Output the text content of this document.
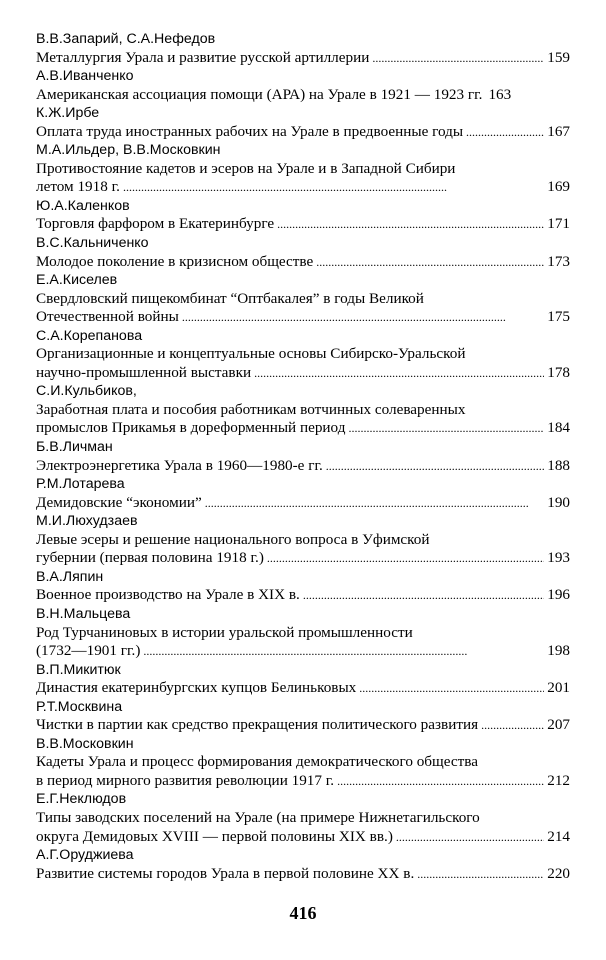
В.В.Запарий, С.А.Нефедов
Металлургия Урала и развитие русской артиллерии . . .	159
А.В.Иванченко
Американская ассоциация помощи (АРА) на Урале в 1921 — 1923 гг. 163
К.Ж.Ирбе
Оплата труда иностранных рабочих на Урале в предвоенные годы . . .	167
М.А.Ильдер, В.В.Московкин
Противостояние кадетов и эсеров на Урале и в Западной Сибири
летом 1918 г. . . .	169
Ю.А.Каленков
Торговля фарфором в Екатеринбурге . . .	171
В.С.Кальниченко
Молодое поколение в кризисном обществе . . .	173
Е.А.Киселев
Свердловский пищекомбинат “Оптбакалея” в годы Великой
Отечественной войны . . .	175
С.А.Корепанова
Организационные и концептуальные основы Сибирско-Уральской
научно-промышленной выставки . . .	178
С.И.Кульбиков,
Заработная плата и пособия работникам вотчинных солеваренных
промыслов Прикамья в дореформенный период . . .	184
Б.В.Личман
Электроэнергетика Урала в 1960—1980-е гг. . . .	188
Р.М.Лотарева
Демидовские “экономии” . . .	190
М.И.Люхудзаев
Левые эсеры и решение национального вопроса в Уфимской
губернии (первая половина 1918 г.) . . .	193
В.А.Ляпин
Военное производство на Урале в XIX в. . . .	196
В.Н.Мальцева
Род Турчаниновых в истории уральской промышленности
(1732—1901 гг.) . . .	198
В.П.Микитюк
Династия екатеринбургских купцов Белиньковых . . .	201
Р.Т.Москвина
Чистки в партии как средство прекращения политического развития . . .	207
В.В.Московкин
Кадеты Урала и процесс формирования демократического общества
в период мирного развития революции 1917 г. . . .	212
Е.Г.Неклюдов
Типы заводских поселений на Урале (на примере Нижнетагильского
округа Демидовых XVIII — первой половины XIX вв.) . . .	214
А.Г.Оруджиева
Развитие системы городов Урала в первой половине XX в. . . .	220
416
